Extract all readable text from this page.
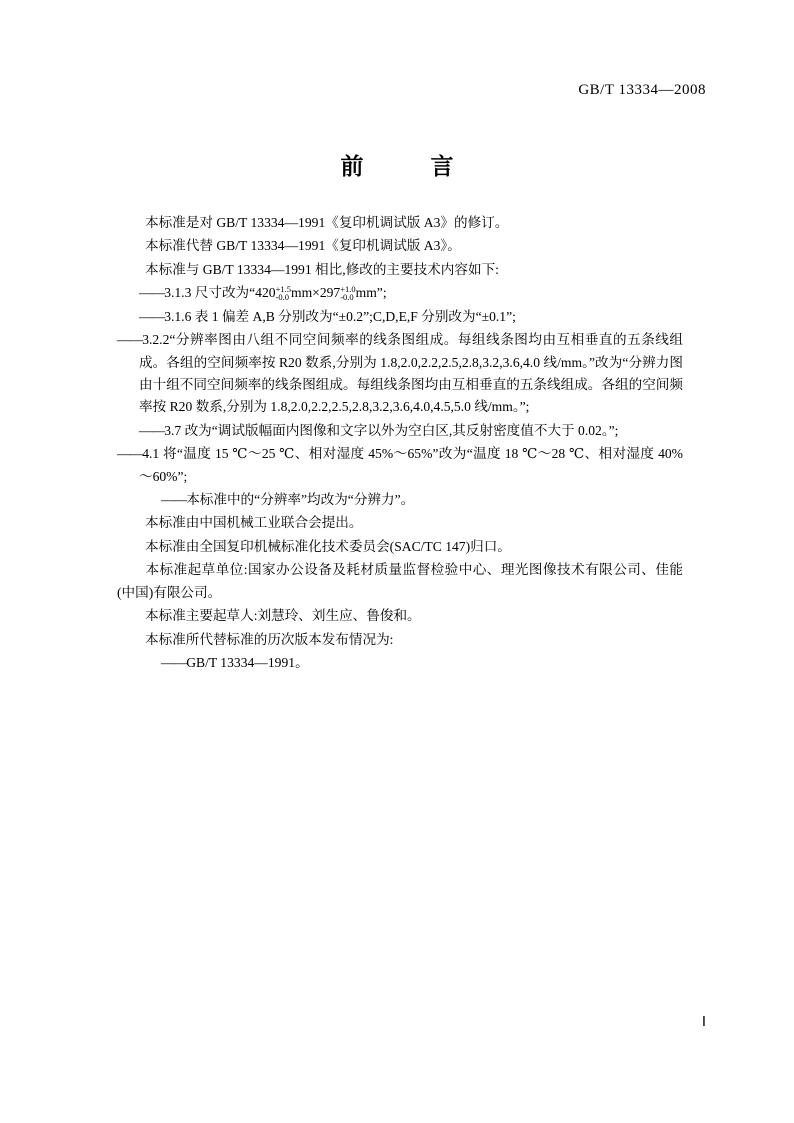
GB/T 13334—2008
前　言

本标准是对 GB/T 13334—1991《复印机调试版 A3》的修订。

本标准代替 GB/T 13334—1991《复印机调试版 A3》。

本标准与 GB/T 13334—1991 相比,修改的主要技术内容如下:

——3.1.3 尺寸改为“420 +1.5
-0.0 mm×297 +1.0
-0.0 mm”;

——3.1.6 表 1 偏差 A,B 分别改为“±0.2”;C,D,E,F 分别改为“±0.1”;

—— 3.2.2“分辨率图由八组不同空间频率的线条图组成。每组线条图均由互相垂直的五条线组成。各组的空间频率按 R20 数系,分别为 1.8,2.0,2.2,2.5,2.8,3.2,3.6,4.0 线/mm。”改为“分辨力图由十组不同空间频率的线条图组成。每组线条图均由互相垂直的五条线组成。各组的空间频率按 R20 数系,分别为 1.8,2.0,2.2,2.5,2.8,3.2,3.6,4.0,4.5,5.0 线/mm。”;

——3.7 改为“调试版幅面内图像和文字以外为空白区,其反射密度值不大于 0.02。”;

—— 4.1 将“温度 15 ℃～25 ℃、相对湿度 45%～65%”改为“温度 18 ℃～28 ℃、相对湿度 40%～60%”;

——本标准中的“分辨率”均改为“分辨力”。

本标准由中国机械工业联合会提出。

本标准由全国复印机械标准化技术委员会(SAC/TC 147)归口。

本标准起草单位:国家办公设备及耗材质量监督检验中心、理光图像技术有限公司、佳能(中国)有限公司。

本标准主要起草人:刘慧玲、刘生应、鲁俊和。

本标准所代替标准的历次版本发布情况为:

——GB/T 13334—1991。

Ⅰ
